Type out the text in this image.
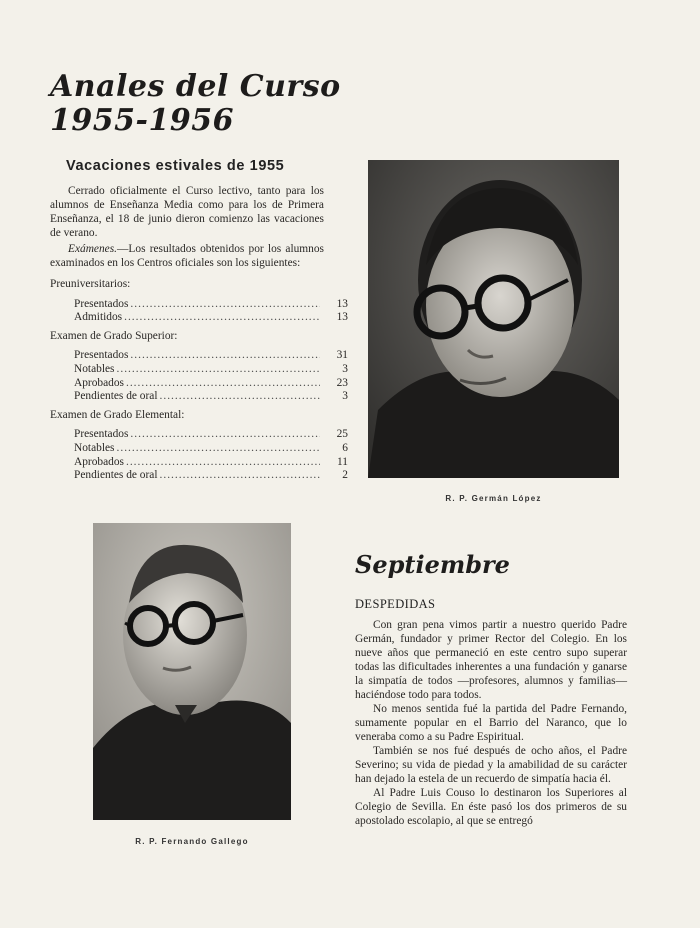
Anales del Curso
1955-1956
Vacaciones estivales de 1955

Cerrado oficialmente el Curso lectivo, tanto para los alumnos de Enseñanza Media como para los de Primera Enseñanza, el 18 de junio dieron comienzo las vacaciones de verano.

Exámenes.—Los resultados obtenidos por los alumnos examinados en los Centros oficiales son los siguientes:

Preuniversitarios:
Presentados .....	13
Admitidos .....	13
Examen de Grado Superior:
Presentados .....	31
Notables .....	3
Aprobados .....	23
Pendientes de oral .....	3
Examen de Grado Elemental:
Presentados .....	25
Notables .....	6
Aprobados .....	11
Pendientes de oral .....	2
R. P. Germán López
R. P. Fernando Gallego
Septiembre
DESPEDIDAS

Con gran pena vimos partir a nuestro querido Padre Germán, fundador y primer Rector del Colegio. En los nueve años que permaneció en este centro supo superar todas las dificultades inherentes a una fundación y ganarse la simpatía de todos —profesores, alumnos y familias— haciéndose todo para todos.

No menos sentida fué la partida del Padre Fernando, sumamente popular en el Barrio del Naranco, que lo veneraba como a su Padre Espiritual.

También se nos fué después de ocho años, el Padre Severino; su vida de piedad y la amabilidad de su carácter han dejado la estela de un recuerdo de simpatía hacia él.

Al Padre Luis Couso lo destinaron los Superiores al Colegio de Sevilla. En éste pasó los dos primeros de su apostolado escolapio, al que se entregó
